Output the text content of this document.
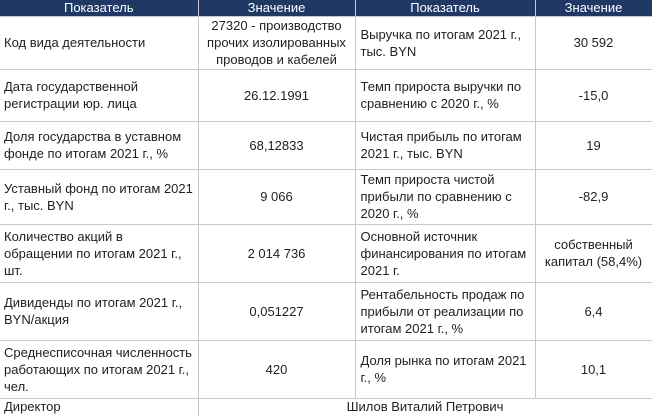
Показатель	Значение	Показатель	Значение
Код вида деятельности	27320 - производство прочих изолированных проводов и кабелей	Выручка по итогам 2021 г., тыс. BYN	30 592
Дата государственной регистрации юр. лица	26.12.1991	Темп прироста выручки по сравнению с 2020 г., %	-15,0
Доля государства в уставном фонде по итогам 2021 г., %	68,12833	Чистая прибыль по итогам 2021 г., тыс. BYN	19
Уставный фонд по итогам 2021 г., тыс. BYN	9 066	Темп прироста чистой прибыли по сравнению с 2020 г., %	-82,9
Количество акций в обращении по итогам 2021 г., шт.	2 014 736	Основной источник финансирования по итогам 2021 г.	собственный капитал (58,4%)
Дивиденды по итогам 2021 г., BYN/акция	0,051227	Рентабельность продаж по прибыли от реализации по итогам 2021 г., %	6,4
Среднесписочная численность работающих по итогам 2021 г., чел.	420	Доля рынка по итогам 2021 г., %	10,1
Директор	Шилов Виталий Петрович		
